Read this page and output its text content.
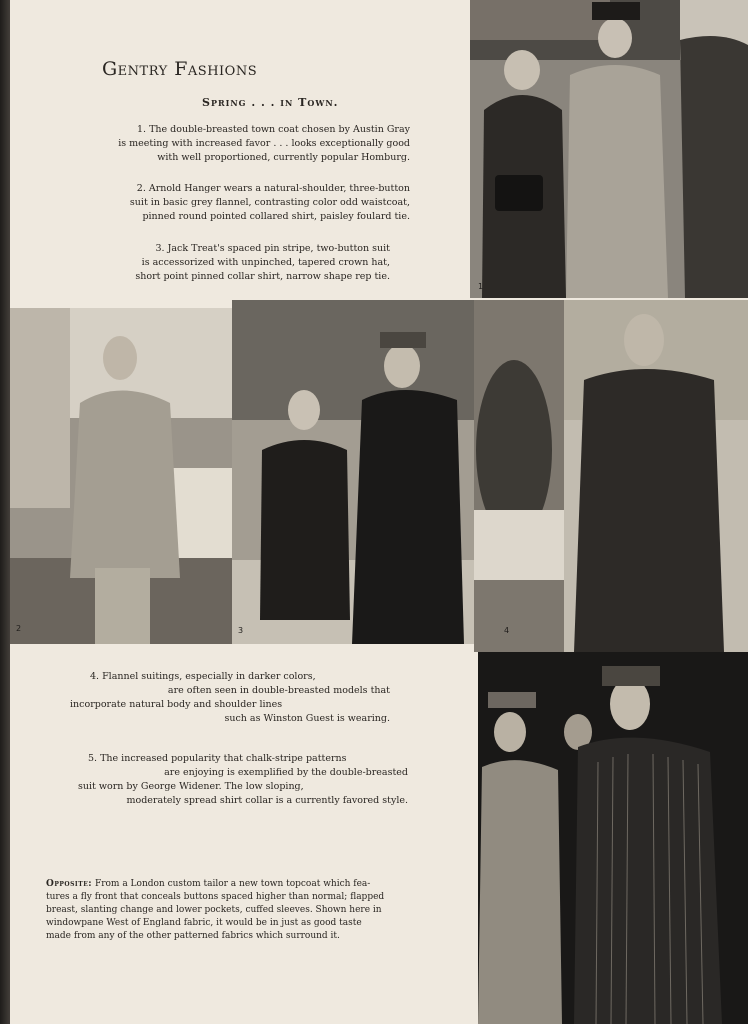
Gentry Fashions
Spring . . . in Town.
1. The double-breasted town coat chosen by Austin Gray
is meeting with increased favor . . . looks exceptionally good
with well proportioned, currently popular Homburg.
2. Arnold Hanger wears a natural-shoulder, three-button
suit in basic grey flannel, contrasting color odd waistcoat,
pinned round pointed collared shirt, paisley foulard tie.
3. Jack Treat's spaced pin stripe, two-button suit
is accessorized with unpinched, tapered crown hat,
short point pinned collar shirt, narrow shape rep tie.
1
2	3	4
4. Flannel suitings, especially in darker colors,
are often seen in double-breasted models that
incorporate natural body and shoulder lines
such as Winston Guest is wearing.
5. The increased popularity that chalk-stripe patterns
are enjoying is exemplified by the double-breasted
suit worn by George Widener. The low sloping,
moderately spread shirt collar is a currently favored style.
Opposite: From a London custom tailor a new town topcoat which fea-
tures a fly front that conceals buttons spaced higher than normal; flapped
breast, slanting change and lower pockets, cuffed sleeves. Shown here in
windowpane West of England fabric, it would be in just as good taste
made from any of the other patterned fabrics which surround it.
